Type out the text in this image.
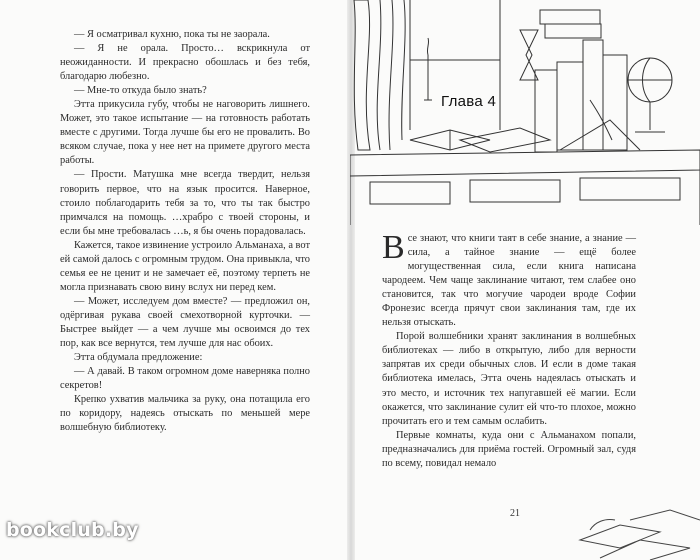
— Я осматривал кухню, пока ты не заорала.

— Я не орала. Просто… вскрикнула от неожиданности. И прекрасно обошлась и без тебя, благодарю любезно.

— Мне-то откуда было знать?

Этта прикусила губу, чтобы не наговорить лишнего. Может, это такое испытание — на готовность работать вместе с другими. Тогда лучше бы его не провалить. Во всяком случае, пока у нее нет на примете другого места работы.

— Прости. Матушка мне всегда твердит, нельзя говорить первое, что на язык просится. Наверное, стоило поблагодарить тебя за то, что ты так быстро примчался на помощь. …храбро с твоей стороны, и если бы мне требовалась …ь, я бы очень порадовалась.

Кажется, такое извинение устроило Альманаха, а вот ей самой далось с огромным трудом. Она привыкла, что семья ее не ценит и не замечает её, поэтому терпеть не могла признавать свою вину вслух ни перед кем.

— Может, исследуем дом вместе? — предложил он, одёргивая рукава своей смехотворной курточки. — Быстрее выйдет — а чем лучше мы освоимся до тех пор, как все вернутся, тем лучше для нас обоих.

Этта обдумала предложение:

— А давай. В таком огромном доме наверняка полно секретов!

Крепко ухватив мальчика за руку, она потащила его по коридору, надеясь отыскать по меньшей мере волшебную библиотеку.

Глава 4

Все знают, что книги таят в себе знание, а знание — сила, а тайное знание — ещё более могущественная сила, если книга написана чародеем. Чем чаще заклинание читают, тем слабее оно становится, так что могучие чародеи вроде Софии Фронезис всегда прячут свои заклинания там, где их нельзя отыскать.

Порой волшебники хранят заклинания в волшебных библиотеках — либо в открытую, либо для верности запрятав их среди обычных слов. И если в доме такая библиотека имелась, Этта очень надеялась отыскать и это место, и источник тех напугавшей её магии. Если окажется, что заклинание сулит ей что-то плохое, можно прочитать его и тем самым ослабить.

Первые комнаты, куда они с Альманахом попали, предназначались для приёма гостей. Огромный зал, судя по всему, повидал немало

21
bookclub.by
